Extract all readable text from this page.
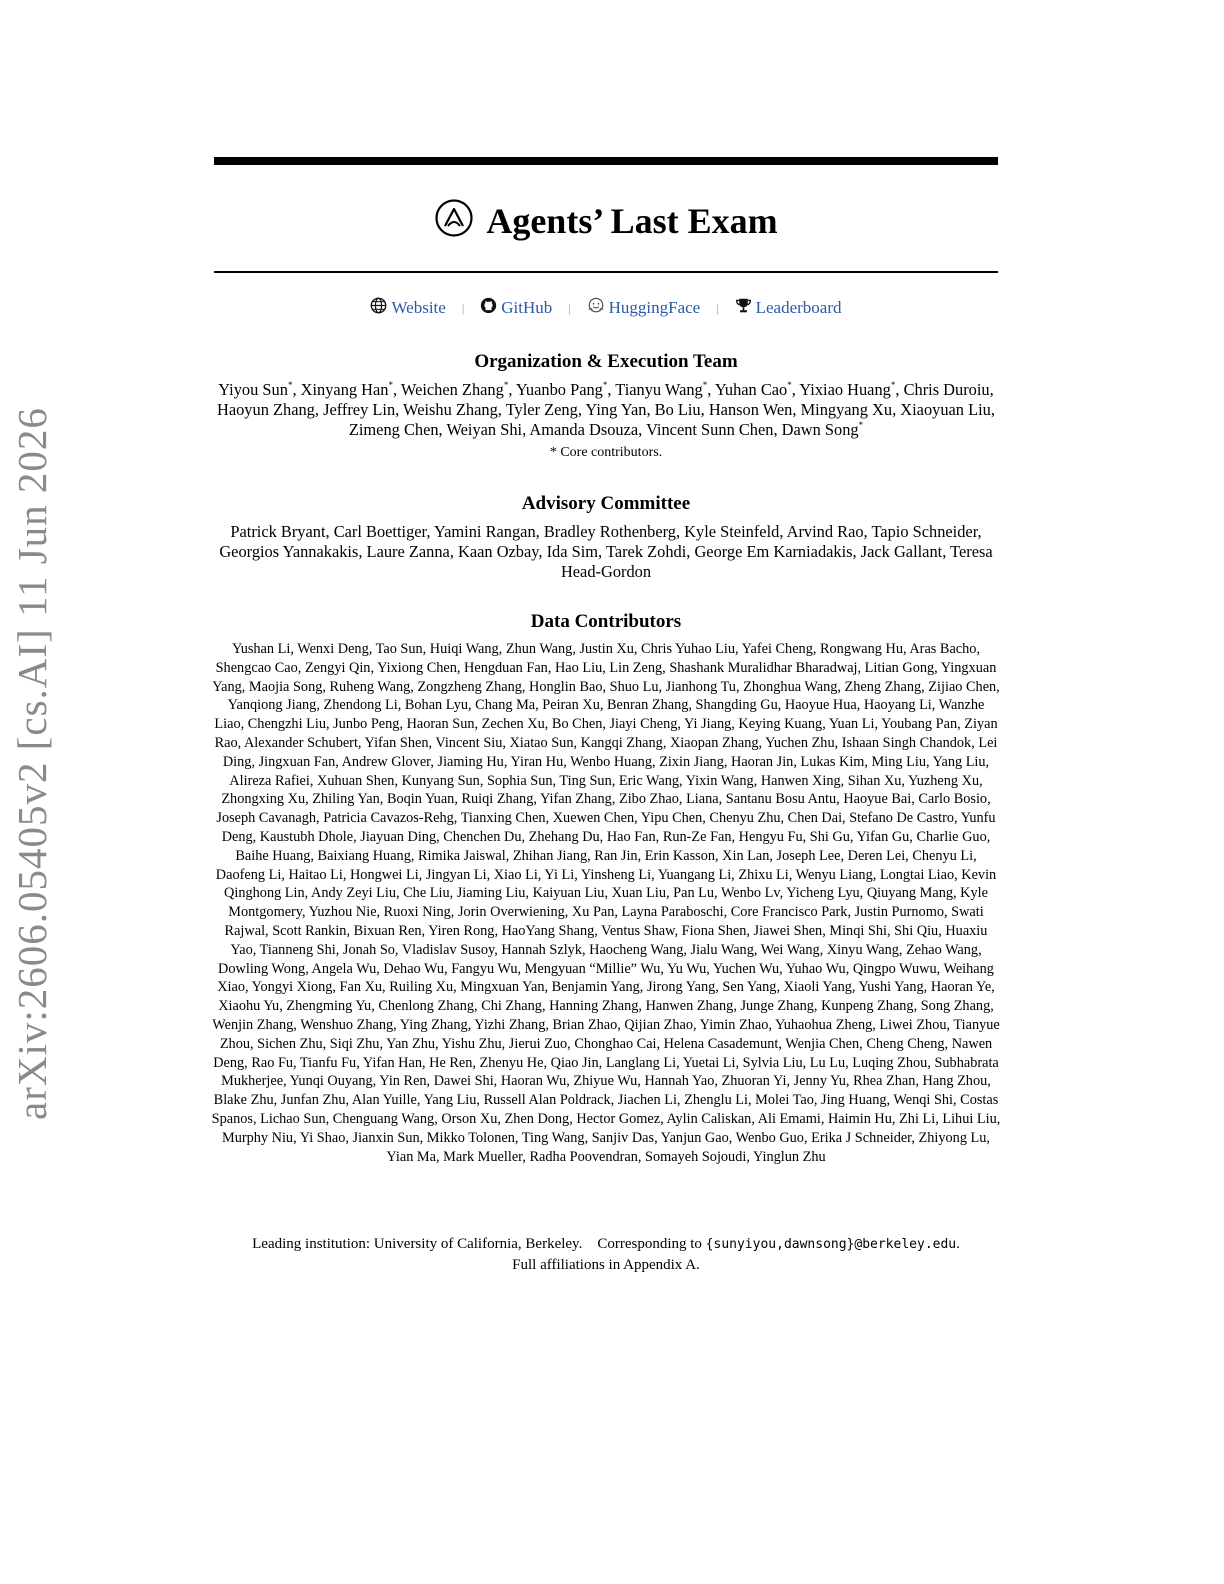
arXiv:2606.05405v2 [cs.AI] 11 Jun 2026
Agents’ Last Exam
Website | GitHub | HuggingFace | Leaderboard
Organization & Execution Team
Yiyou Sun*, Xinyang Han*, Weichen Zhang*, Yuanbo Pang*, Tianyu Wang*, Yuhan Cao*, Yixiao Huang*, Chris Duroiu, Haoyun Zhang, Jeffrey Lin, Weishu Zhang, Tyler Zeng, Ying Yan, Bo Liu, Hanson Wen, Mingyang Xu, Xiaoyuan Liu, Zimeng Chen, Weiyan Shi, Amanda Dsouza, Vincent Sunn Chen, Dawn Song*
* Core contributors.
Advisory Committee
Patrick Bryant, Carl Boettiger, Yamini Rangan, Bradley Rothenberg, Kyle Steinfeld, Arvind Rao, Tapio Schneider, Georgios Yannakakis, Laure Zanna, Kaan Ozbay, Ida Sim, Tarek Zohdi, George Em Karniadakis, Jack Gallant, Teresa Head-Gordon
Data Contributors
Yushan Li, Wenxi Deng, Tao Sun, Huiqi Wang, Zhun Wang, Justin Xu, Chris Yuhao Liu, Yafei Cheng, Rongwang Hu, Aras Bacho, Shengcao Cao, Zengyi Qin, Yixiong Chen, Hengduan Fan, Hao Liu, Lin Zeng, Shashank Muralidhar Bharadwaj, Litian Gong, Yingxuan Yang, Maojia Song, Ruheng Wang, Zongzheng Zhang, Honglin Bao, Shuo Lu, Jianhong Tu, Zhonghua Wang, Zheng Zhang, Zijiao Chen, Yanqiong Jiang, Zhendong Li, Bohan Lyu, Chang Ma, Peiran Xu, Benran Zhang, Shangding Gu, Haoyue Hua, Haoyang Li, Wanzhe Liao, Chengzhi Liu, Junbo Peng, Haoran Sun, Zechen Xu, Bo Chen, Jiayi Cheng, Yi Jiang, Keying Kuang, Yuan Li, Youbang Pan, Ziyan Rao, Alexander Schubert, Yifan Shen, Vincent Siu, Xiatao Sun, Kangqi Zhang, Xiaopan Zhang, Yuchen Zhu, Ishaan Singh Chandok, Lei Ding, Jingxuan Fan, Andrew Glover, Jiaming Hu, Yiran Hu, Wenbo Huang, Zixin Jiang, Haoran Jin, Lukas Kim, Ming Liu, Yang Liu, Alireza Rafiei, Xuhuan Shen, Kunyang Sun, Sophia Sun, Ting Sun, Eric Wang, Yixin Wang, Hanwen Xing, Sihan Xu, Yuzheng Xu, Zhongxing Xu, Zhiling Yan, Boqin Yuan, Ruiqi Zhang, Yifan Zhang, Zibo Zhao, Liana, Santanu Bosu Antu, Haoyue Bai, Carlo Bosio, Joseph Cavanagh, Patricia Cavazos-Rehg, Tianxing Chen, Xuewen Chen, Yipu Chen, Chenyu Zhu, Chen Dai, Stefano De Castro, Yunfu Deng, Kaustubh Dhole, Jiayuan Ding, Chenchen Du, Zhehang Du, Hao Fan, Run-Ze Fan, Hengyu Fu, Shi Gu, Yifan Gu, Charlie Guo, Baihe Huang, Baixiang Huang, Rimika Jaiswal, Zhihan Jiang, Ran Jin, Erin Kasson, Xin Lan, Joseph Lee, Deren Lei, Chenyu Li, Daofeng Li, Haitao Li, Hongwei Li, Jingyan Li, Xiao Li, Yi Li, Yinsheng Li, Yuangang Li, Zhixu Li, Wenyu Liang, Longtai Liao, Kevin Qinghong Lin, Andy Zeyi Liu, Che Liu, Jiaming Liu, Kaiyuan Liu, Xuan Liu, Pan Lu, Wenbo Lv, Yicheng Lyu, Qiuyang Mang, Kyle Montgomery, Yuzhou Nie, Ruoxi Ning, Jorin Overwiening, Xu Pan, Layna Paraboschi, Core Francisco Park, Justin Purnomo, Swati Rajwal, Scott Rankin, Bixuan Ren, Yiren Rong, HaoYang Shang, Ventus Shaw, Fiona Shen, Jiawei Shen, Minqi Shi, Shi Qiu, Huaxiu Yao, Tianneng Shi, Jonah So, Vladislav Susoy, Hannah Szlyk, Haocheng Wang, Jialu Wang, Wei Wang, Xinyu Wang, Zehao Wang, Dowling Wong, Angela Wu, Dehao Wu, Fangyu Wu, Mengyuan “Millie” Wu, Yu Wu, Yuchen Wu, Yuhao Wu, Qingpo Wuwu, Weihang Xiao, Yongyi Xiong, Fan Xu, Ruiling Xu, Mingxuan Yan, Benjamin Yang, Jirong Yang, Sen Yang, Xiaoli Yang, Yushi Yang, Haoran Ye, Xiaohu Yu, Zhengming Yu, Chenlong Zhang, Chi Zhang, Hanning Zhang, Hanwen Zhang, Junge Zhang, Kunpeng Zhang, Song Zhang, Wenjin Zhang, Wenshuo Zhang, Ying Zhang, Yizhi Zhang, Brian Zhao, Qijian Zhao, Yimin Zhao, Yuhaohua Zheng, Liwei Zhou, Tianyue Zhou, Sichen Zhu, Siqi Zhu, Yan Zhu, Yishu Zhu, Jierui Zuo, Chonghao Cai, Helena Casademunt, Wenjia Chen, Cheng Cheng, Nawen Deng, Rao Fu, Tianfu Fu, Yifan Han, He Ren, Zhenyu He, Qiao Jin, Langlang Li, Yuetai Li, Sylvia Liu, Lu Lu, Luqing Zhou, Subhabrata Mukherjee, Yunqi Ouyang, Yin Ren, Dawei Shi, Haoran Wu, Zhiyue Wu, Hannah Yao, Zhuoran Yi, Jenny Yu, Rhea Zhan, Hang Zhou, Blake Zhu, Junfan Zhu, Alan Yuille, Yang Liu, Russell Alan Poldrack, Jiachen Li, Zhenglu Li, Molei Tao, Jing Huang, Wenqi Shi, Costas Spanos, Lichao Sun, Chenguang Wang, Orson Xu, Zhen Dong, Hector Gomez, Aylin Caliskan, Ali Emami, Haimin Hu, Zhi Li, Lihui Liu, Murphy Niu, Yi Shao, Jianxin Sun, Mikko Tolonen, Ting Wang, Sanjiv Das, Yanjun Gao, Wenbo Guo, Erika J Schneider, Zhiyong Lu, Yian Ma, Mark Mueller, Radha Poovendran, Somayeh Sojoudi, Yinglun Zhu
Leading institution: University of California, Berkeley. Corresponding to {sunyiyou,dawnsong}@berkeley.edu.
Full affiliations in Appendix A.
